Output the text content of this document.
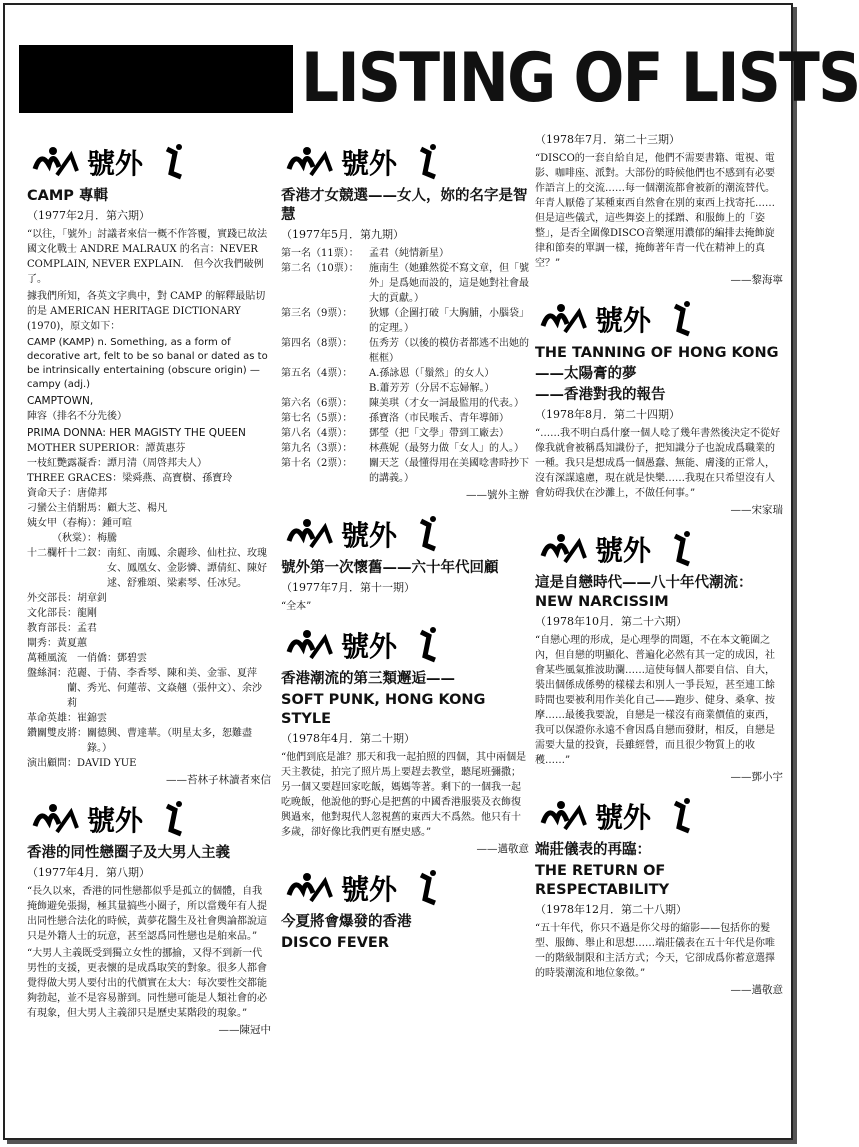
LISTING OF LISTS
號外
CAMP 專輯
（1977年2月．第六期）
“以往，「號外」討議者來信一概不作答覆，實踐已故法國文化戰士 ANDRE MALRAUX 的名言：NEVER COMPLAIN, NEVER EXPLAIN.　但今次我們破例了。
據我們所知，各英文字典中，對 CAMP 的解釋最貼切的是 AMERICAN HERITAGE DICTIONARY (1970)，原文如下：
CAMP (KAMP) n. Something, as a form of decorative art, felt to be so banal or dated as to be intrinsically entertaining (obscure origin) — campy (adj.)
CAMPTOWN,
陣容（排名不分先後）
PRIMA DONNA: HER MAGISTY THE QUEEN
MOTHER SUPERIOR： 譚黃惠芬
一枝紅艷露凝香： 譚月清（周啓邦夫人）
THREE GRACES： 梁舜燕、高寶樹、孫寶玲
資命天子： 唐偉邦
刁蠻公主俏駙馬： 顧大芝、楊凡
姨女甲（春梅）： 鍾可喧
　　　（秋棠）： 梅騰
十二欄杆十二釵： 南紅、南鳳、余麗珍、仙杜拉、玫瑰女、鳳凰女、金影憐、譚倩紅、陳好逑、舒雅頌、梁素琴、任冰兒。
外交部長： 胡章釗
文化部長： 龍剛
教育部長： 孟君
閘秀： 黃夏蕙
萬種風流　一俏僑： 鄧碧雲
盤絲洞： 范麗、于倩、李香琴、陳和美、金霏、夏萍蘭、秀光、何蓮蒂、文焱翹（張仲文）、余沙莉
革命英雄： 崔錦雲
鑽關雙皮將： 關德興、曹達華。（明星太多，恕難盡錄。）
演出顧問： DAVID YUE
——苔林子林讀者來信
號外
香港的同性戀圈子及大男人主義
（1977年4月．第八期）
“長久以來，香港的同性戀都似乎是孤立的個體，自我掩飾避免張揚，極其量搞些小圈子，所以當幾年有人提出同性戀合法化的時候，黃夢花醫生及社會輿論都說這只是外籍人士的玩意，甚至認爲同性戀也是舶來品。”
“大男人主義既受到獨立女性的挪揄，又得不到新一代男性的支援，更表懷的是成爲取笑的對象。很多人都會覺得做大男人要付出的代價實在太大：每次要性交都能夠勃起，並不是容易辦到。同性戀可能是人類社會的必有現象，但大男人主義卻只是歷史某階段的現象。”
——陳冠中
號外
香港才女競選——女人，妳的名字是智慧
（1977年5月．第九期）
第一名（11票）：	孟君（純情新星）
第二名（10票）：	施南生（她雖然從不寫文章，但「號外」是爲她而設的，這是她對社會最大的貢獻。）
第三名（9票）：	狄娜（企圖打破「大胸脯，小腦袋」的定理。）
第四名（8票）：	伍秀芳（以後的模仿者都逃不出她的框框）
第五名（4票）：	A.孫詠恩（「鬚然」的女人）
B.蕭芳芳（分居不忘婦解。）
第六名（6票）：	陳美琪（才女一詞最監用的代表。）
第七名（5票）：	孫寶洛（市民喉舌、青年導師）
第八名（4票）：	鄧瑩（把「文學」帶到工廠去）
第九名（3票）：	林燕妮（最努力做「女人」的人。）
第十名（2票）：	關天芝（最懂得用在美國唸書時抄下的講義。）
——號外主辦
號外
號外第一次懷舊——六十年代回顧
（1977年7月．第十一期）
“全本”
號外
香港潮流的第三類邂逅——
SOFT PUNK, HONG KONG STYLE
（1978年4月．第二十期）
“他們到底是誰？那天和我一起拍照的四個，其中兩個是天主教徒，拍完了照片馬上要趕去教堂，聽尾班彌撒；另一個又要趕回家吃飯，媽媽等著。剩下的一個我一起吃晚飯，他說他的野心是把舊的中國香港服裝及衣飾復興過來，他對現代人忽視舊的東西大不爲然。他只有十多歲，卻好像比我們更有歷史感。”
——邁敬意
號外
今夏將會爆發的香港
DISCO FEVER
（1978年7月．第二十三期）
“DISCO的一套自給自足，他們不需要書籍、電視、電影、咖啡座、派對。大部份的時候他們也不感到有必要作語言上的交流……每一個潮流都會被新的潮流替代。年青人厭倦了某種東西自然會在別的東西上找寄托……但是這些儀式，這些舞姿上的揉蹭、和服飾上的「姿整」，是否全圍像DISCO音樂運用濃郁的編排去掩飾旋律和節奏的單調一樣，掩飾著年青一代在精神上的真空？”
——黎海寧
號外
THE TANNING OF HONG KONG
——太陽膏的夢
——香港對我的報告
（1978年8月．第二十四期）
“……我不明白爲什麼一個人唸了幾年書然後決定不從好像我就會被稱爲知識份子，把知識分子也說成爲職業的一種。我只是想成爲一個愚蠢、無能、膚淺的正常人，沒有深謀遠慮，現在就是快樂……我現在只希望沒有人會妨碍我伏在沙灘上，不做任何事。”
——宋家瑞
號外
這是自戀時代——八十年代潮流：NEW NARCISSIM
（1978年10月．第二十六期）
“自戀心理的形成，是心理學的問題，不在本文範圍之內，但自戀的明顯化、普遍化必然有其一定的成因，社會某些風氣推波助瀾……這使每個人都要自信、自大，裝出個係成係勢的樣樣去和別人一爭長短，甚至連工餘時間也要被利用作美化自己——跑步、健身、桑拿、按摩……最後我要說，自戀是一樣沒有商業價值的東西，我可以保證你永遠不會因爲自戀而發財，相反，自戀是需要大量的投資，長雖經營，而且很少物質上的收穫……”
——鄧小宇
號外
端莊儀表的再臨：
THE RETURN OF RESPECTABILITY
（1978年12月．第二十八期）
“五十年代，你只不過是你父母的縮影——包括你的髮型、服飾、舉止和思想……端莊儀表在五十年代是你唯一的階級制限和主活方式；今天，它卻成爲你蓄意選擇的時裝潮流和地位象徵。”
——邁敬意
